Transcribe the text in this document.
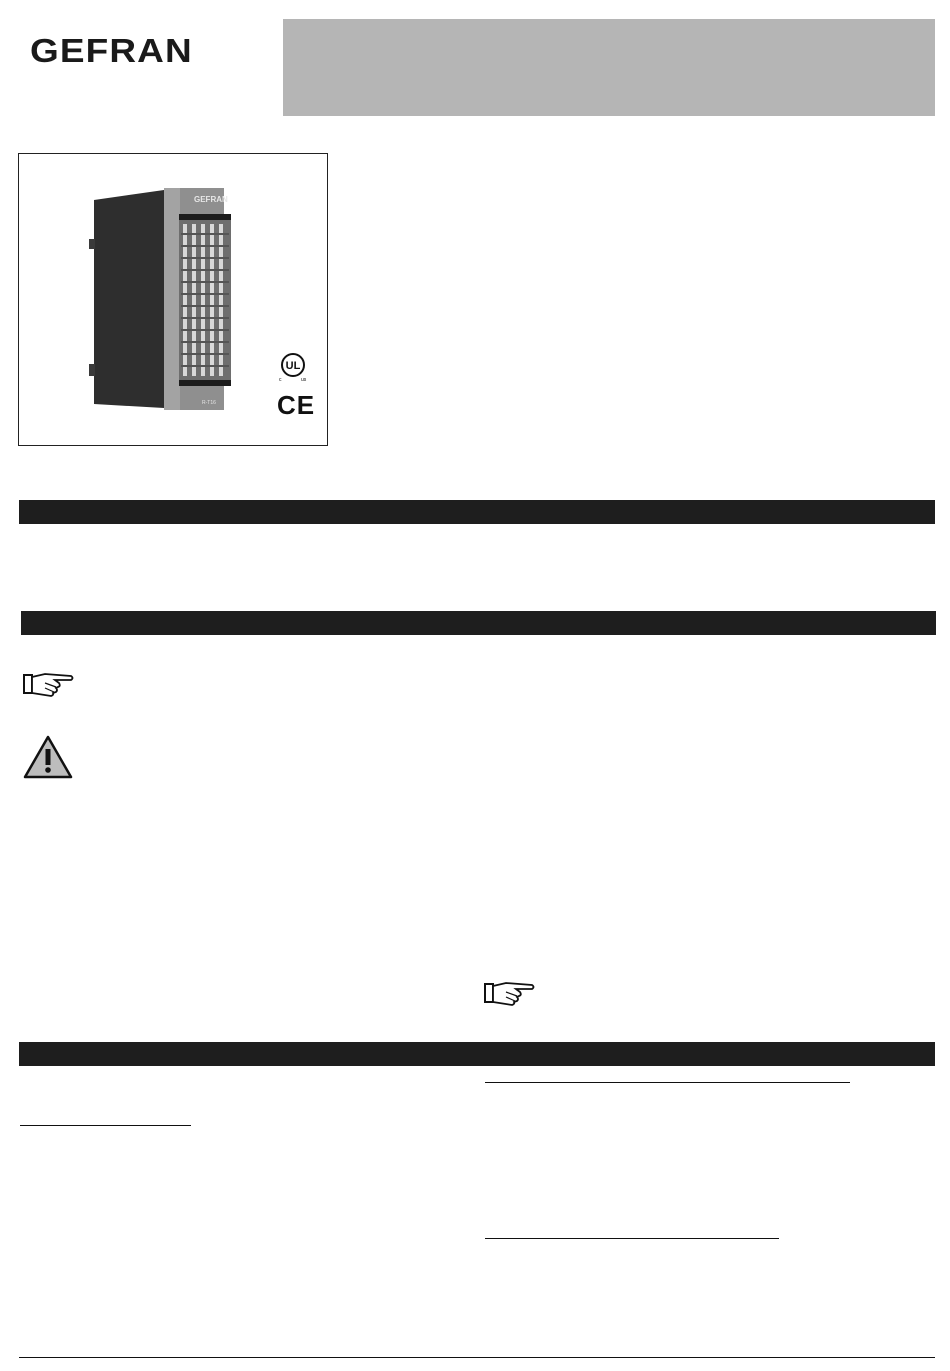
GEFRAN
GEFRAN
R-T16
UL
c	us
CE
